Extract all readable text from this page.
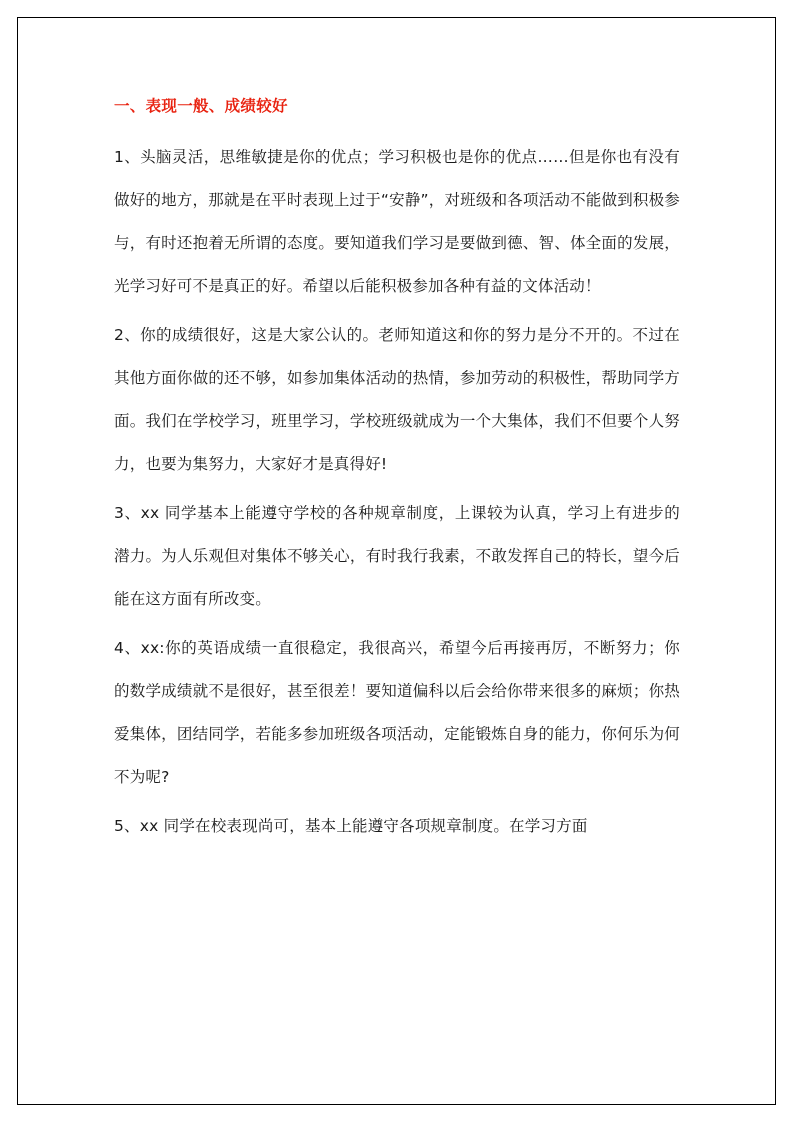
一、表现一般、成绩较好

1、头脑灵活，思维敏捷是你的优点；学习积极也是你的优点……但是你也有没有做好的地方，那就是在平时表现上过于“安静”，对班级和各项活动不能做到积极参与，有时还抱着无所谓的态度。要知道我们学习是要做到德、智、体全面的发展，光学习好可不是真正的好。希望以后能积极参加各种有益的文体活动！

2、你的成绩很好，这是大家公认的。老师知道这和你的努力是分不开的。不过在其他方面你做的还不够，如参加集体活动的热情，参加劳动的积极性，帮助同学方面。我们在学校学习，班里学习，学校班级就成为一个大集体，我们不但要个人努力，也要为集努力，大家好才是真得好!

3、xx 同学基本上能遵守学校的各种规章制度，上课较为认真，学习上有进步的潜力。为人乐观但对集体不够关心，有时我行我素，不敢发挥自己的特长，望今后能在这方面有所改变。

4、xx:你的英语成绩一直很稳定，我很高兴，希望今后再接再厉，不断努力；你的数学成绩就不是很好，甚至很差！要知道偏科以后会给你带来很多的麻烦；你热爱集体，团结同学，若能多参加班级各项活动，定能锻炼自身的能力，你何乐为何不为呢?

5、xx 同学在校表现尚可，基本上能遵守各项规章制度。在学习方面
